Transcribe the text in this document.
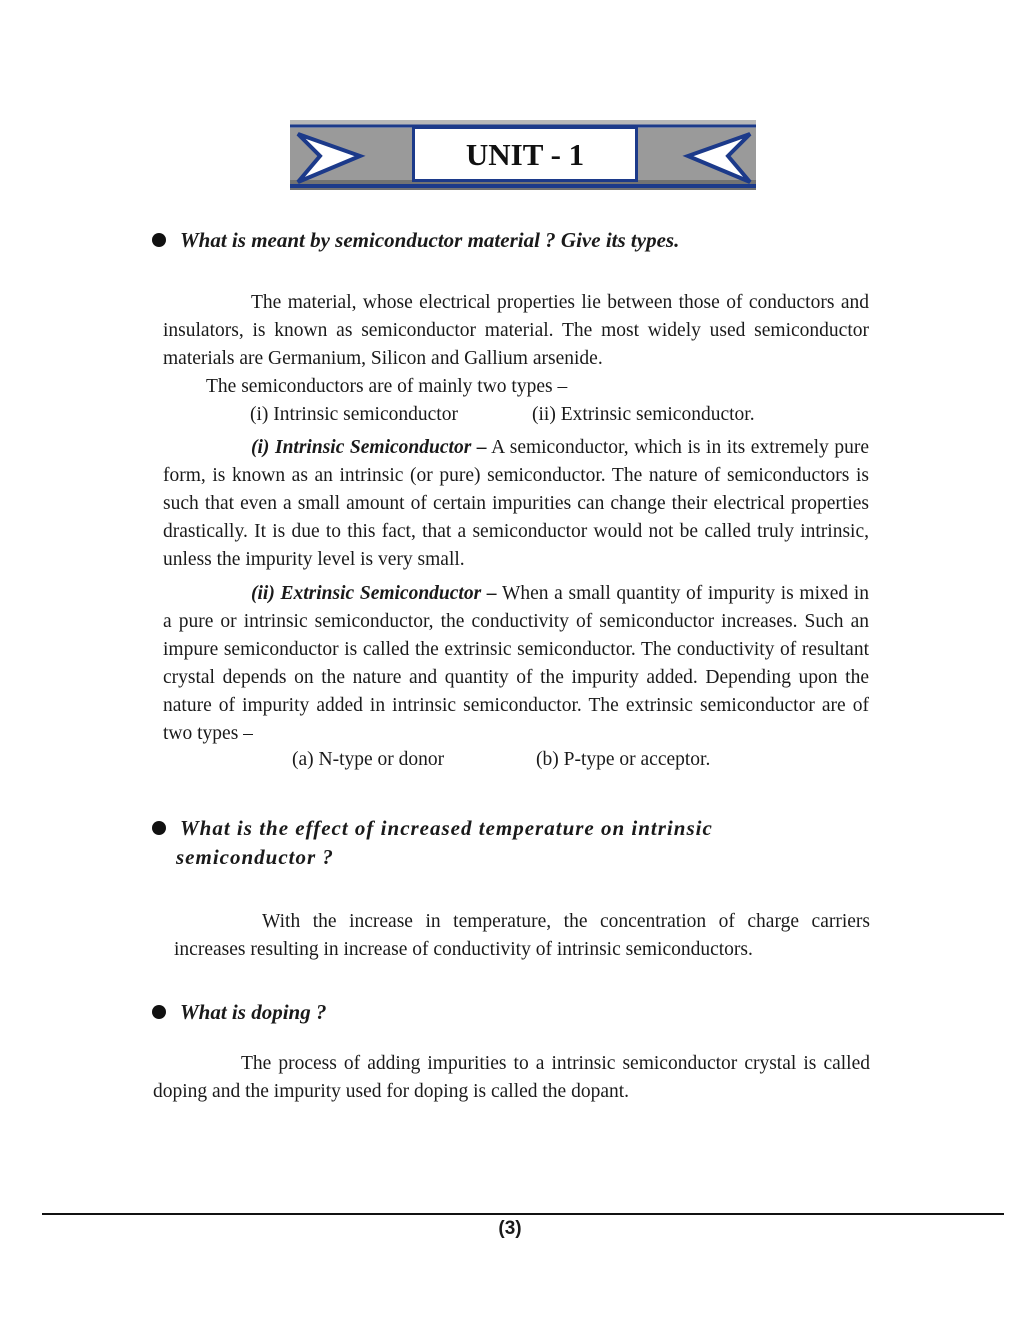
UNIT - 1
What is meant by semiconductor material ? Give its types.

The material, whose electrical properties lie between those of conductors and insulators, is known as semiconductor material. The most widely used semiconductor materials are Germanium, Silicon and Gallium arsenide.

The semiconductors are of mainly two types –
(i) Intrinsic semiconductor	(ii) Extrinsic semiconductor.

(i) Intrinsic Semiconductor – A semiconductor, which is in its extremely pure form, is known as an intrinsic (or pure) semiconductor. The nature of semiconductors is such that even a small amount of certain impurities can change their electrical properties drastically. It is due to this fact, that a semiconductor would not be called truly intrinsic, unless the impurity level is very small.

(ii) Extrinsic Semiconductor – When a small quantity of impurity is mixed in a pure or intrinsic semiconductor, the conductivity of semiconductor increases. Such an impure semiconductor is called the extrinsic semiconductor. The conductivity of resultant crystal depends on the nature and quantity of the impurity added. Depending upon the nature of impurity added in intrinsic semiconductor. The extrinsic semiconductor are of two types –

(a) N-type or donor	(b) P-type or acceptor.
What is the effect of increased temperature on intrinsic
semiconductor ?

With the increase in temperature, the concentration of charge carriers increases resulting in increase of conductivity of intrinsic semiconductors.

What is doping ?

The process of adding impurities to a intrinsic semiconductor crystal is called doping and the impurity used for doping is called the dopant.

(3)
